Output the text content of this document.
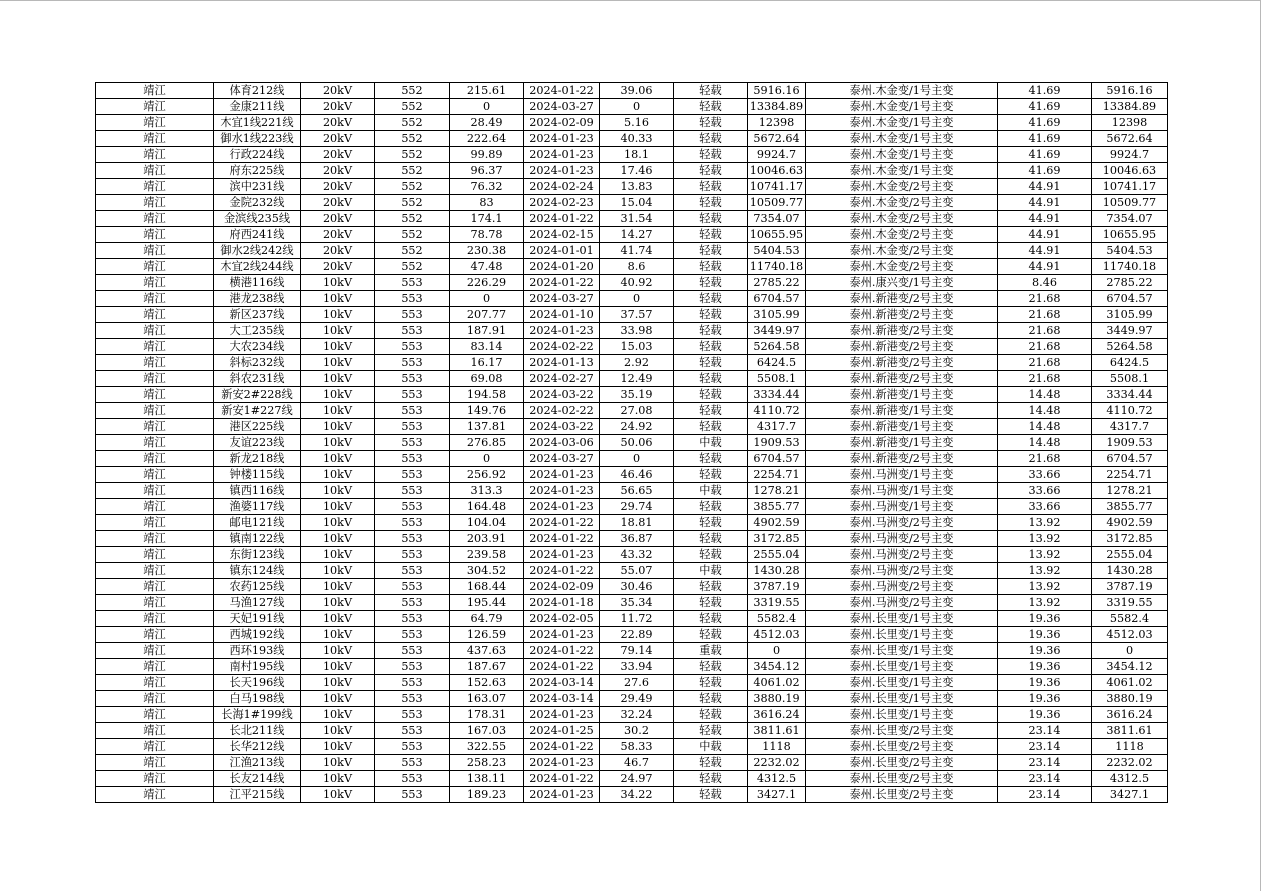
靖江	体育212线	20kV	552	215.61	2024-01-22	39.06	轻载	5916.16	泰州.木金变/1号主变	41.69	5916.16
靖江	金康211线	20kV	552	0	2024-03-27	0	轻载	13384.89	泰州.木金变/1号主变	41.69	13384.89
靖江	木宜1线221线	20kV	552	28.49	2024-02-09	5.16	轻载	12398	泰州.木金变/1号主变	41.69	12398
靖江	御水1线223线	20kV	552	222.64	2024-01-23	40.33	轻载	5672.64	泰州.木金变/1号主变	41.69	5672.64
靖江	行政224线	20kV	552	99.89	2024-01-23	18.1	轻载	9924.7	泰州.木金变/1号主变	41.69	9924.7
靖江	府东225线	20kV	552	96.37	2024-01-23	17.46	轻载	10046.63	泰州.木金变/1号主变	41.69	10046.63
靖江	滨中231线	20kV	552	76.32	2024-02-24	13.83	轻载	10741.17	泰州.木金变/2号主变	44.91	10741.17
靖江	金院232线	20kV	552	83	2024-02-23	15.04	轻载	10509.77	泰州.木金变/2号主变	44.91	10509.77
靖江	金滨线235线	20kV	552	174.1	2024-01-22	31.54	轻载	7354.07	泰州.木金变/2号主变	44.91	7354.07
靖江	府西241线	20kV	552	78.78	2024-02-15	14.27	轻载	10655.95	泰州.木金变/2号主变	44.91	10655.95
靖江	御水2线242线	20kV	552	230.38	2024-01-01	41.74	轻载	5404.53	泰州.木金变/2号主变	44.91	5404.53
靖江	木宜2线244线	20kV	552	47.48	2024-01-20	8.6	轻载	11740.18	泰州.木金变/2号主变	44.91	11740.18
靖江	横港116线	10kV	553	226.29	2024-01-22	40.92	轻载	2785.22	泰州.康兴变/1号主变	8.46	2785.22
靖江	港龙238线	10kV	553	0	2024-03-27	0	轻载	6704.57	泰州.新港变/2号主变	21.68	6704.57
靖江	新区237线	10kV	553	207.77	2024-01-10	37.57	轻载	3105.99	泰州.新港变/2号主变	21.68	3105.99
靖江	大工235线	10kV	553	187.91	2024-01-23	33.98	轻载	3449.97	泰州.新港变/2号主变	21.68	3449.97
靖江	大农234线	10kV	553	83.14	2024-02-22	15.03	轻载	5264.58	泰州.新港变/2号主变	21.68	5264.58
靖江	斜标232线	10kV	553	16.17	2024-01-13	2.92	轻载	6424.5	泰州.新港变/2号主变	21.68	6424.5
靖江	斜农231线	10kV	553	69.08	2024-02-27	12.49	轻载	5508.1	泰州.新港变/2号主变	21.68	5508.1
靖江	新安2#228线	10kV	553	194.58	2024-03-22	35.19	轻载	3334.44	泰州.新港变/1号主变	14.48	3334.44
靖江	新安1#227线	10kV	553	149.76	2024-02-22	27.08	轻载	4110.72	泰州.新港变/1号主变	14.48	4110.72
靖江	港区225线	10kV	553	137.81	2024-03-22	24.92	轻载	4317.7	泰州.新港变/1号主变	14.48	4317.7
靖江	友谊223线	10kV	553	276.85	2024-03-06	50.06	中载	1909.53	泰州.新港变/1号主变	14.48	1909.53
靖江	新龙218线	10kV	553	0	2024-03-27	0	轻载	6704.57	泰州.新港变/2号主变	21.68	6704.57
靖江	钟楼115线	10kV	553	256.92	2024-01-23	46.46	轻载	2254.71	泰州.马洲变/1号主变	33.66	2254.71
靖江	镇西116线	10kV	553	313.3	2024-01-23	56.65	中载	1278.21	泰州.马洲变/1号主变	33.66	1278.21
靖江	渔婆117线	10kV	553	164.48	2024-01-23	29.74	轻载	3855.77	泰州.马洲变/1号主变	33.66	3855.77
靖江	邮电121线	10kV	553	104.04	2024-01-22	18.81	轻载	4902.59	泰州.马洲变/2号主变	13.92	4902.59
靖江	镇南122线	10kV	553	203.91	2024-01-22	36.87	轻载	3172.85	泰州.马洲变/2号主变	13.92	3172.85
靖江	东街123线	10kV	553	239.58	2024-01-23	43.32	轻载	2555.04	泰州.马洲变/2号主变	13.92	2555.04
靖江	镇东124线	10kV	553	304.52	2024-01-22	55.07	中载	1430.28	泰州.马洲变/2号主变	13.92	1430.28
靖江	农药125线	10kV	553	168.44	2024-02-09	30.46	轻载	3787.19	泰州.马洲变/2号主变	13.92	3787.19
靖江	马渔127线	10kV	553	195.44	2024-01-18	35.34	轻载	3319.55	泰州.马洲变/2号主变	13.92	3319.55
靖江	天妃191线	10kV	553	64.79	2024-02-05	11.72	轻载	5582.4	泰州.长里变/1号主变	19.36	5582.4
靖江	西城192线	10kV	553	126.59	2024-01-23	22.89	轻载	4512.03	泰州.长里变/1号主变	19.36	4512.03
靖江	西环193线	10kV	553	437.63	2024-01-22	79.14	重载	0	泰州.长里变/1号主变	19.36	0
靖江	南村195线	10kV	553	187.67	2024-01-22	33.94	轻载	3454.12	泰州.长里变/1号主变	19.36	3454.12
靖江	长天196线	10kV	553	152.63	2024-03-14	27.6	轻载	4061.02	泰州.长里变/1号主变	19.36	4061.02
靖江	白马198线	10kV	553	163.07	2024-03-14	29.49	轻载	3880.19	泰州.长里变/1号主变	19.36	3880.19
靖江	长海1#199线	10kV	553	178.31	2024-01-23	32.24	轻载	3616.24	泰州.长里变/1号主变	19.36	3616.24
靖江	长北211线	10kV	553	167.03	2024-01-25	30.2	轻载	3811.61	泰州.长里变/2号主变	23.14	3811.61
靖江	长华212线	10kV	553	322.55	2024-01-22	58.33	中载	1118	泰州.长里变/2号主变	23.14	1118
靖江	江渔213线	10kV	553	258.23	2024-01-23	46.7	轻载	2232.02	泰州.长里变/2号主变	23.14	2232.02
靖江	长友214线	10kV	553	138.11	2024-01-22	24.97	轻载	4312.5	泰州.长里变/2号主变	23.14	4312.5
靖江	江平215线	10kV	553	189.23	2024-01-23	34.22	轻载	3427.1	泰州.长里变/2号主变	23.14	3427.1
